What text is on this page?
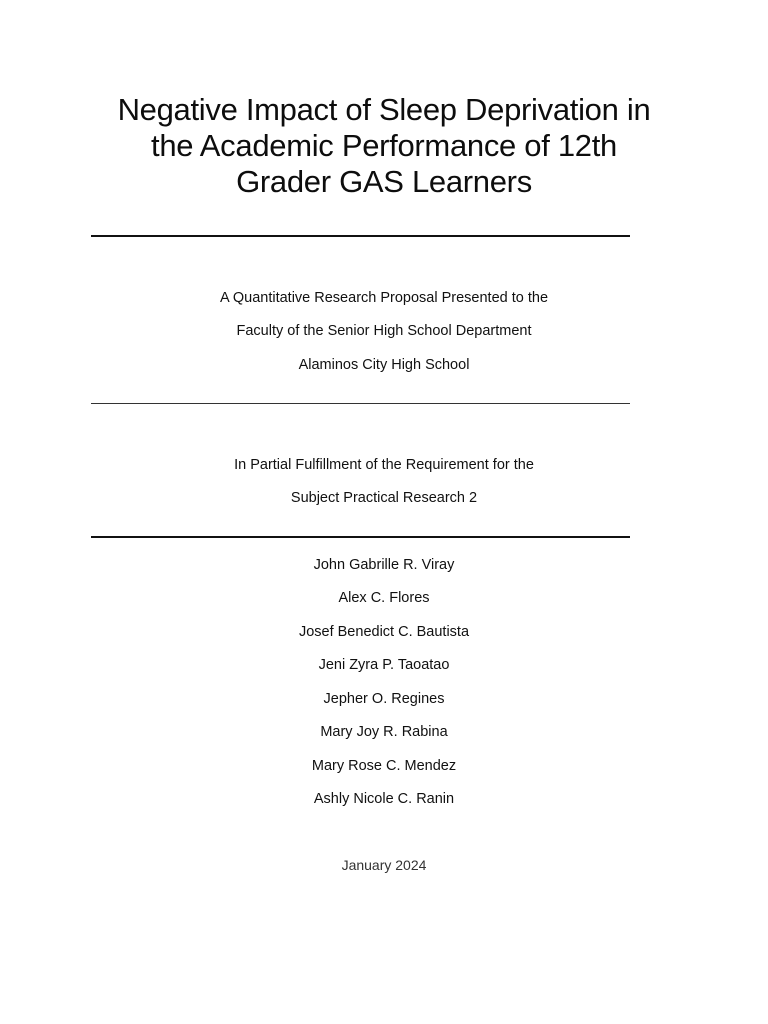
Negative Impact of Sleep Deprivation in
the Academic Performance of 12th
Grader GAS Learners
A Quantitative Research Proposal Presented to the
Faculty of the Senior High School Department
Alaminos City High School
In Partial Fulfillment of the Requirement for the
Subject Practical Research 2
John Gabrille R. Viray
Alex C. Flores
Josef Benedict C. Bautista
Jeni Zyra P. Taoatao
Jepher O. Regines
Mary Joy R. Rabina
Mary Rose C. Mendez
Ashly Nicole C. Ranin
January 2024
